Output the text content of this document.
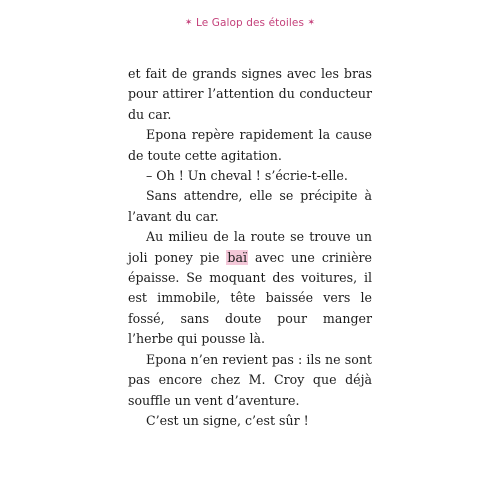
✶ Le Galop des étoiles ✶

et fait de grands signes avec les bras pour attirer l’attention du conducteur du car.

Epona repère rapidement la cause de toute cette agitation.

– Oh ! Un cheval ! s’écrie-t-elle.

Sans attendre, elle se précipite à l’avant du car.

Au milieu de la route se trouve un joli poney pie baï avec une crinière épaisse. Se moquant des voitures, il est immobile, tête baissée vers le fossé, sans doute pour manger l’herbe qui pousse là.

Epona n’en revient pas : ils ne sont pas encore chez M. Croy que déjà souffle un vent d’aventure.

C’est un signe, c’est sûr !
